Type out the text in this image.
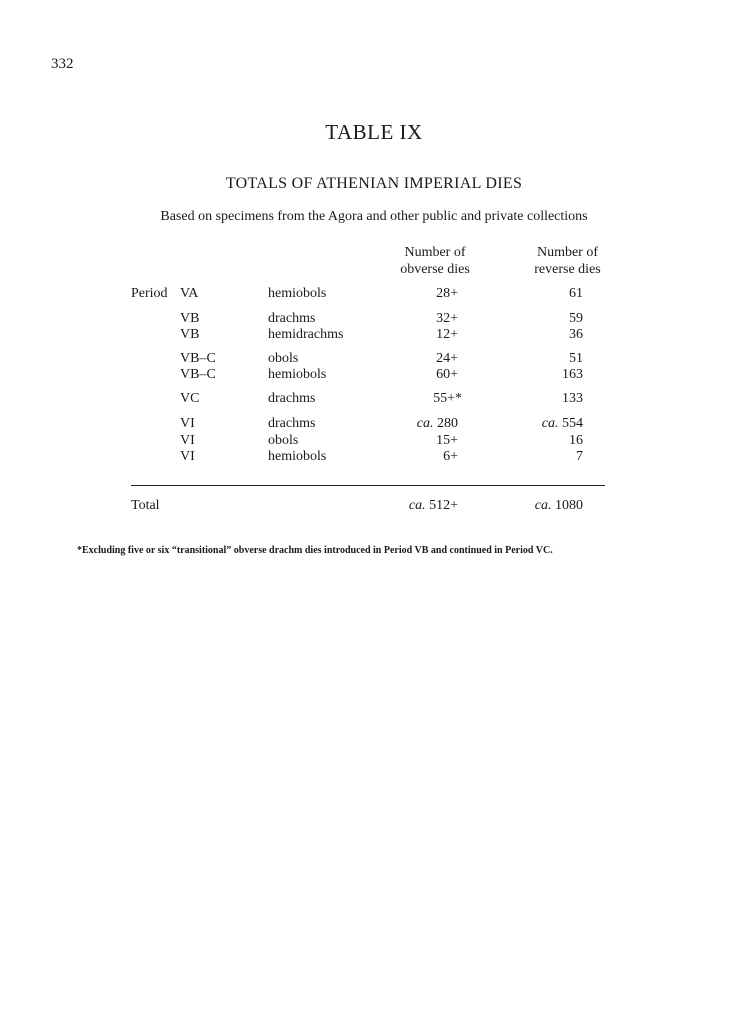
332
TABLE IX
TOTALS OF ATHENIAN IMPERIAL DIES
Based on specimens from the Agora and other public and private collections
Number of
obverse dies
Number of
reverse dies
Period VA	hemiobols	28+	61
VB	drachms	32+	59
VB	hemidrachms	12+	36
VB–C	obols	24+	51
VB–C	hemiobols	60+	163
VC	drachms	55+*	133
VI	drachms	ca. 280	ca. 554
VI	obols	15+	16
VI	hemiobols	6+	7
Total	ca. 512+	ca. 1080
*Excluding five or six “transitional” obverse drachm dies introduced in Period VB and continued in Period VC.
